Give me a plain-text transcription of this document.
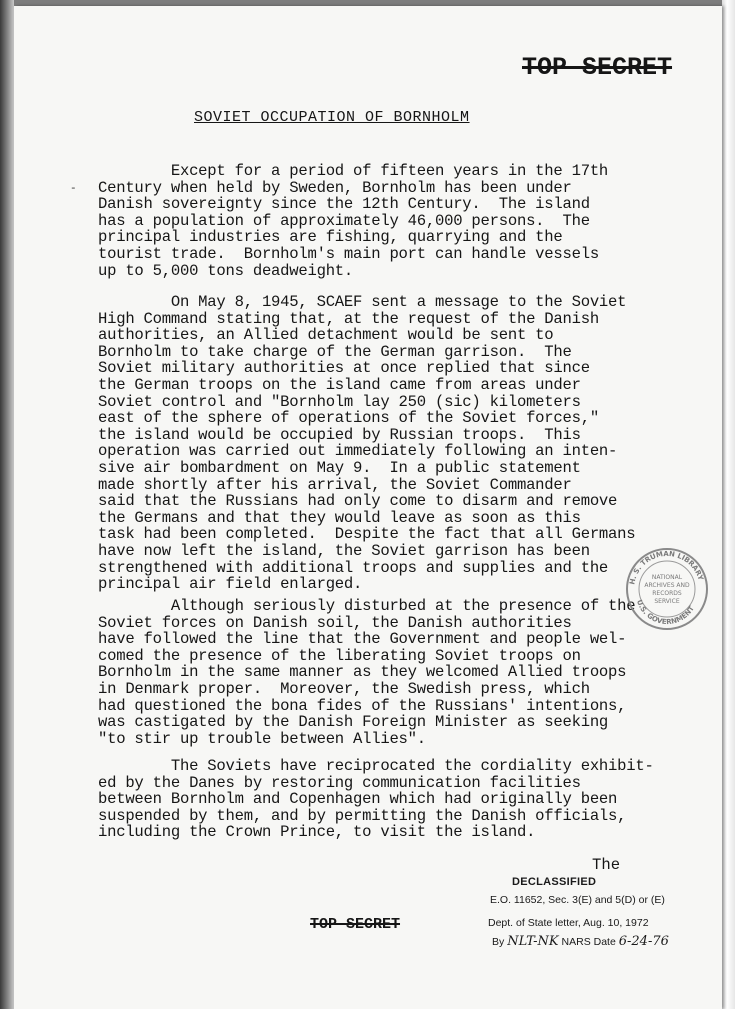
TOP SECRET
SOVIET OCCUPATION OF BORNHOLM
-
Except for a period of fifteen years in the 17th
Century when held by Sweden, Bornholm has been under
Danish sovereignty since the 12th Century.  The island
has a population of approximately 46,000 persons.  The
principal industries are fishing, quarrying and the
tourist trade.  Bornholm's main port can handle vessels
up to 5,000 tons deadweight.
On May 8, 1945, SCAEF sent a message to the Soviet
High Command stating that, at the request of the Danish
authorities, an Allied detachment would be sent to
Bornholm to take charge of the German garrison.  The
Soviet military authorities at once replied that since
the German troops on the island came from areas under
Soviet control and "Bornholm lay 250 (sic) kilometers
east of the sphere of operations of the Soviet forces,"
the island would be occupied by Russian troops.  This
operation was carried out immediately following an inten-
sive air bombardment on May 9.  In a public statement
made shortly after his arrival, the Soviet Commander
said that the Russians had only come to disarm and remove
the Germans and that they would leave as soon as this
task had been completed.  Despite the fact that all Germans
have now left the island, the Soviet garrison has been
strengthened with additional troops and supplies and the
principal air field enlarged.
Although seriously disturbed at the presence of the
Soviet forces on Danish soil, the Danish authorities
have followed the line that the Government and people wel-
comed the presence of the liberating Soviet troops on
Bornholm in the same manner as they welcomed Allied troops
in Denmark proper.  Moreover, the Swedish press, which
had questioned the bona fides of the Russians' intentions,
was castigated by the Danish Foreign Minister as seeking
"to stir up trouble between Allies".
The Soviets have reciprocated the cordiality exhibit-
ed by the Danes by restoring communication facilities
between Bornholm and Copenhagen which had originally been
suspended by them, and by permitting the Danish officials,
including the Crown Prince, to visit the island.
The
TOP SECRET
DECLASSIFIED
E.O. 11652, Sec. 3(E) and 5(D) or (E)
Dept. of State letter, Aug. 10, 1972
By NLT-NK NARS Date 6-24-76
H. S. TRUMAN LIBRARY
U.S. GOVERNMENT
NATIONAL
ARCHIVES AND
RECORDS
SERVICE
